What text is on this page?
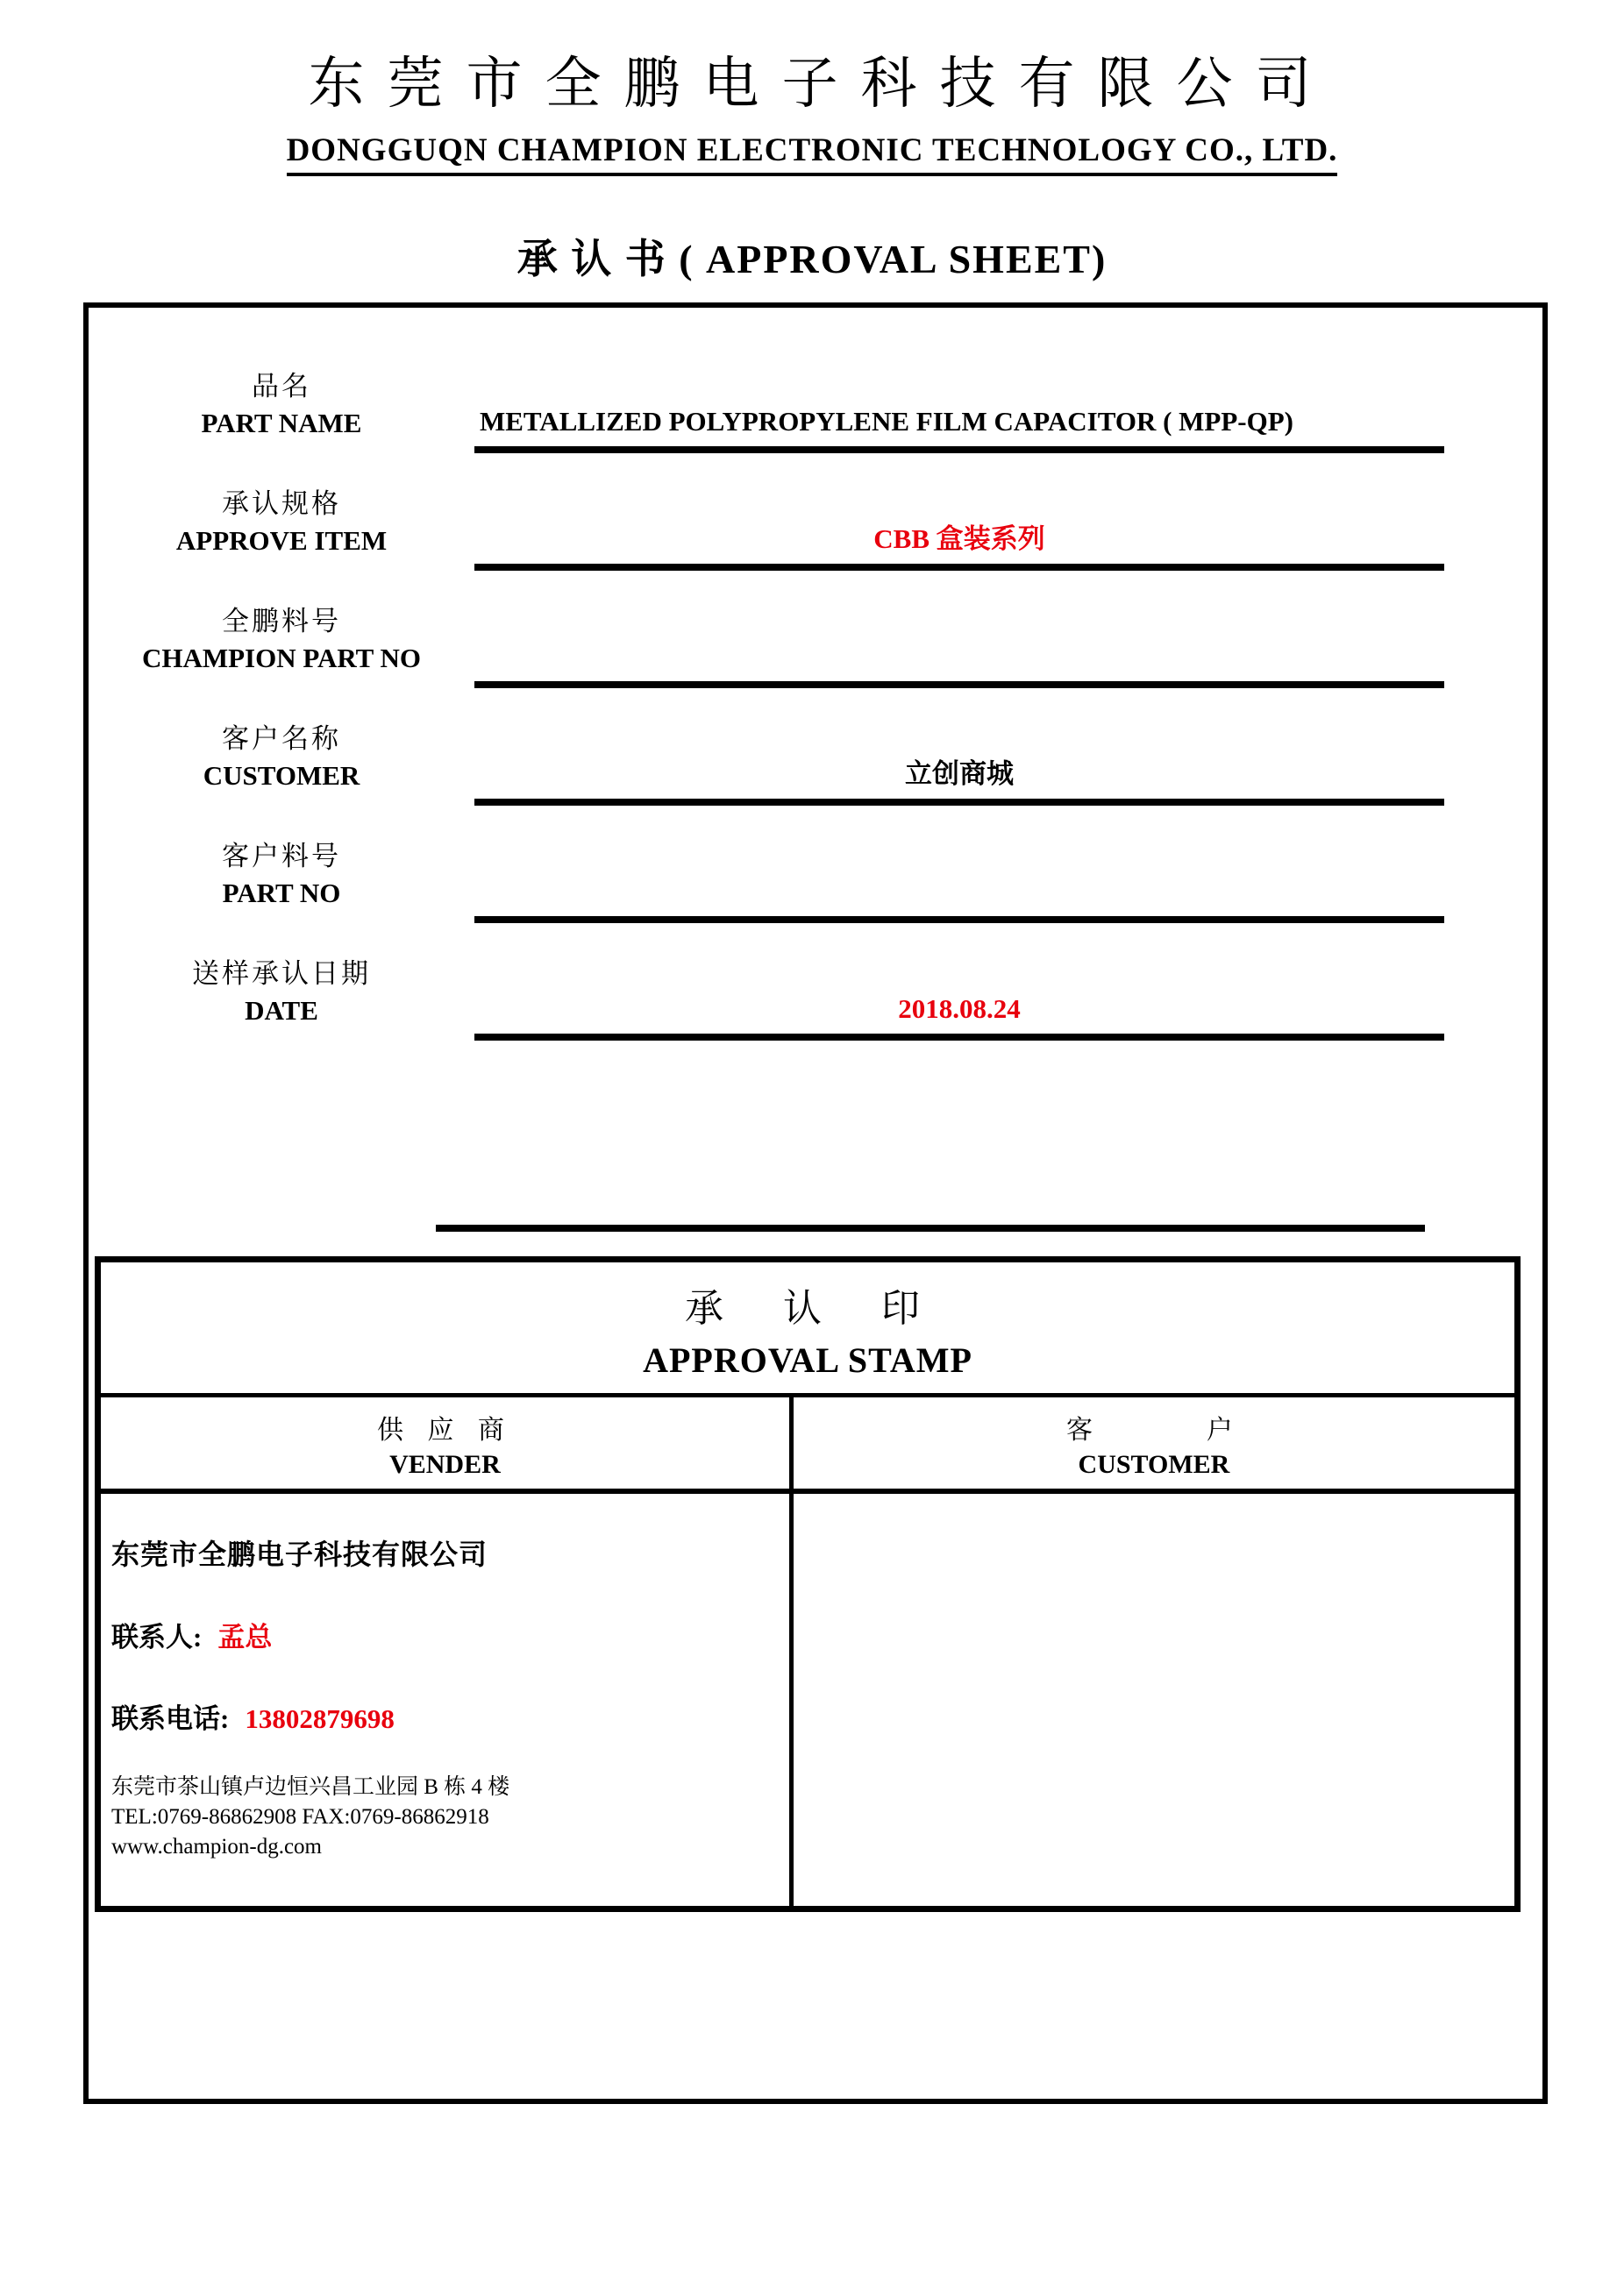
东 莞 市 全 鹏 电 子 科 技 有 限 公 司
DONGGUQN CHAMPION ELECTRONIC TECHNOLOGY CO., LTD.
承 认 书 ( APPROVAL SHEET)
品名
PART NAME	METALLIZED POLYPROPYLENE FILM CAPACITOR ( MPP-QP)
承认规格
APPROVE ITEM	CBB 盒装系列
全鹏料号
CHAMPION PART NO
客户名称
CUSTOMER	立创商城
客户料号
PART NO
送样承认日期
DATE	2018.08.24
承　认　印
APPROVAL STAMP
供 应 商
VENDER
客　　　户
CUSTOMER
东莞市全鹏电子科技有限公司
联系人: 孟总
联系电话: 13802879698
东莞市茶山镇卢边恒兴昌工业园 B 栋 4 楼
TEL:0769-86862908 FAX:0769-86862918
www.champion-dg.com
